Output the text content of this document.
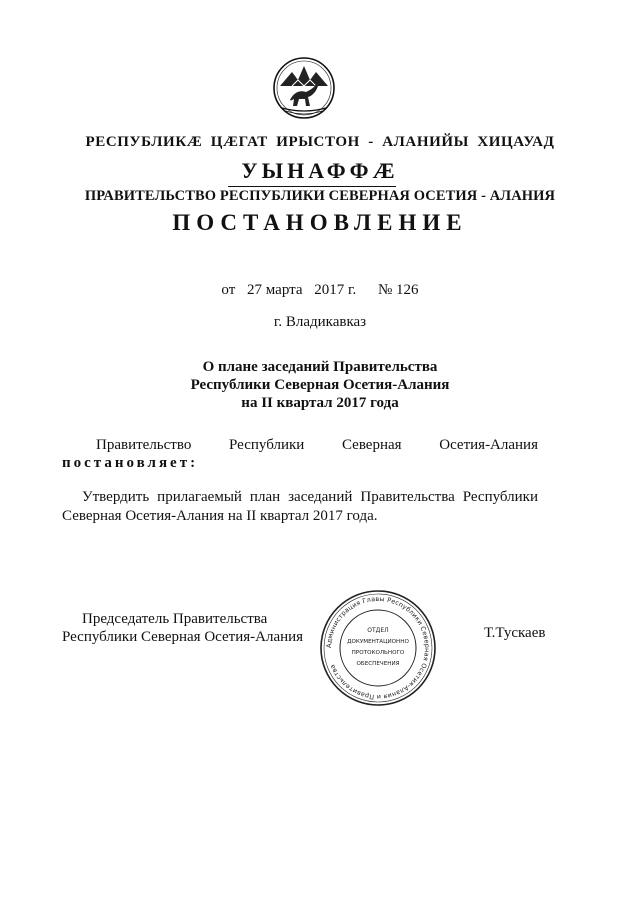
РЕСПУБЛИКӔ ЦӔГАТ ИРЫСТОН - АЛАНИЙЫ ХИЦАУАД
УЫНАФФӔ
ПРАВИТЕЛЬСТВО РЕСПУБЛИКИ СЕВЕРНАЯ ОСЕТИЯ - АЛАНИЯ
ПОСТАНОВЛЕНИЕ
от 27 марта 2017 г. № 126
г. Владикавказ
О плане заседаний Правительства
Республики Северная Осетия-Алания
на II квартал 2017 года
Правительство	Республики	Северная	Осетия-Алания
постановляет:
Утвердить прилагаемый план заседаний Правительства Республики
Северная Осетия-Алания на II квартал 2017 года.
Председатель Правительства
Республики Северная Осетия-Алания
Администрация Главы Республики Северная Осетия-Алания и Правительства
ОТДЕЛ
ДОКУМЕНТАЦИОННО
ПРОТОКОЛЬНОГО
ОБЕСПЕЧЕНИЯ
Т.Тускаев
